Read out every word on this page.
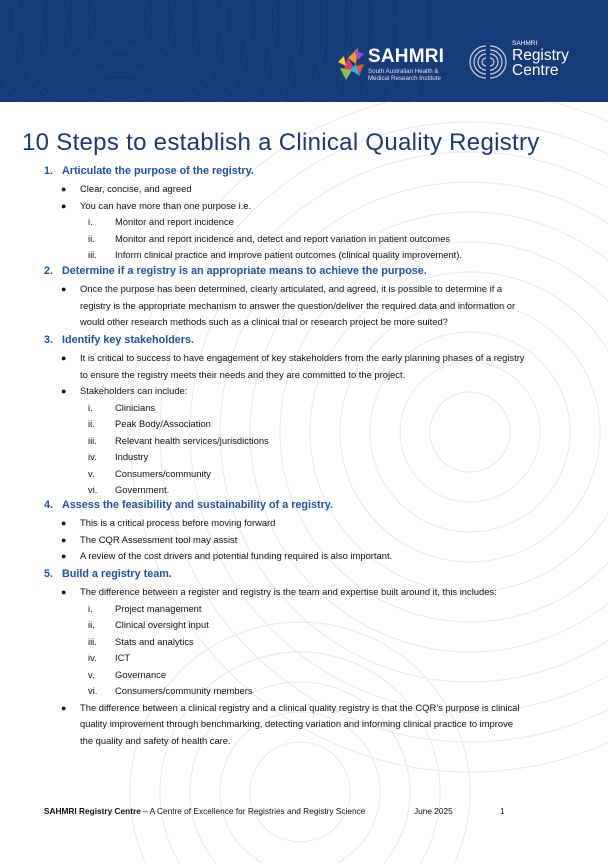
SAHMRI
South Australian Health & Medical Research Institute
SAHMRI
Registry
Centre
10 Steps to establish a Clinical Quality Registry
1. Articulate the purpose of the registry.
● Clear, concise, and agreed
● You can have more than one purpose i.e.
i. Monitor and report incidence
ii. Monitor and report incidence and, detect and report variation in patient outcomes
iii. Inform clinical practice and improve patient outcomes (clinical quality improvement).
2. Determine if a registry is an appropriate means to achieve the purpose.
● Once the purpose has been determined, clearly articulated, and agreed, it is possible to determine if a
registry is the appropriate mechanism to answer the question/deliver the required data and information or
would other research methods such as a clinical trial or research project be more suited?
3. Identify key stakeholders.
● It is critical to success to have engagement of key stakeholders from the early planning phases of a registry
to ensure the registry meets their needs and they are committed to the project.
● Stakeholders can include:
i. Clinicians
ii. Peak Body/Association
iii. Relevant health services/jurisdictions
iv. Industry
v. Consumers/community
vi. Government.
4. Assess the feasibility and sustainability of a registry.
● This is a critical process before moving forward
● The CQR Assessment tool may assist
● A review of the cost drivers and potential funding required is also important.
5. Build a registry team.
● The difference between a register and registry is the team and expertise built around it, this includes:
i. Project management
ii. Clinical oversight input
iii. Stats and analytics
iv. ICT
v. Governance
vi. Consumers/community members
● The difference between a clinical registry and a clinical quality registry is that the CQR’s purpose is clinical
quality improvement through benchmarking, detecting variation and informing clinical practice to improve
the quality and safety of health care.
SAHMRI Registry Centre – A Centre of Excellence for Registries and Registry Science	June 2025	1
